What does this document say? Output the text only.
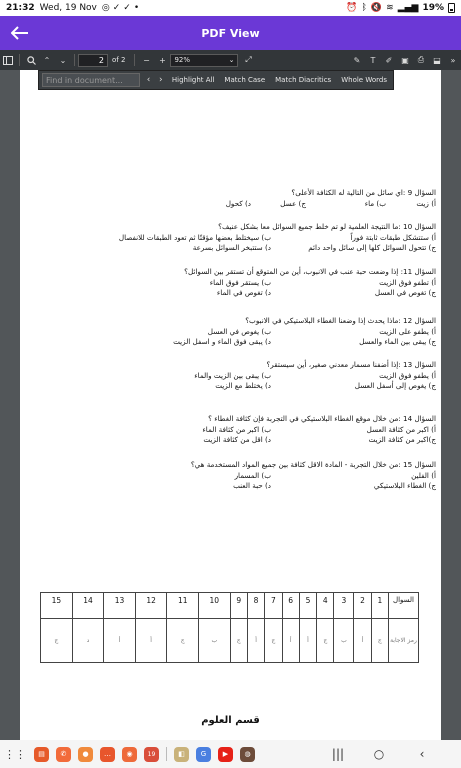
21:32 Wed, 19 Nov ◎ ✓ ✓ •	⏰ ᛒ 🔇 ≋ ▂▄▆ 19%
PDF View
⌃	⌄	2	of 2	−	+	92%	⌄	⤢	✎	T	✐	▣	⎙	⬓	»
السؤال 9 :اي سائل من التالية له الكثافة الأعلى؟
أ) زيتب) ماءج) عسلد) كحول
السؤال 10 :ما النتيجة العلمية لو تم خلط جميع السوائل معا بشكل عنيف؟
أ) ستتشكل طبقات ثابتة فوراًب) سيختلط بعضها مؤقتًا ثم تعود الطبقات للانفصال
ج) تتحول السوائل كلها إلى سائل واحد دائمد) ستتبخر السوائل بسرعة
السؤال 11: إذا وضعت حبة عنب في الانبوب، أين من المتوقع أن تستقر بين السوائل؟
أ) تطفو فوق الزيتب) يستقر فوق الماء
ج) تغوص في العسلد) تغوص في الماء
السؤال 12 :ماذا يحدث إذا وضعنا الغطاء البلاستيكي في الانبوب؟
أ) يطفو على الزيتب) يغوص في العسل
ج) يبقى بين الماء والعسلد) يبقى فوق الماء و اسفل الزيت
السؤال 13 :إذا أضفنا مسمار معدني صغير، أين سيستقر؟
أ) يطفو فوق الزيتب) يبقى بين الزيت والماء
ج) يغوص إلى أسفل العسلد) يختلط مع الزيت
السؤال 14 :من خلال موقع الغطاء البلاستيكي في التجربة فإن كثافة الغطاء ؟
أ) اكبر من كثافة العسلب) اكبر من كثافة الماء
ج)اكبر من كثافة الزيتد) اقل من كثافة الزيت
السؤال 15 :من خلال التجربة - المادة الاقل كثافة بين جميع المواد المستخدمة هي؟
أ) الفلينب) المسمار
ج) الغطاء البلاستيكيد) حبة العنب
السوال	1	2	3	4	5	6	7	8	9	10	11	12	13	14	15
رمز الاجابة	ج	أ	ب	ج	أ	أ	ج	أ	ج	ب	ج	أ	أ	د	ج
قسم العلوم
Find in document...	‹ ›	Highlight All	Match Case	Match Diacritics	Whole Words
⋮⋮	▤	✆	●	…	◉	19	◧	G	▶	◍	|||	○	‹
